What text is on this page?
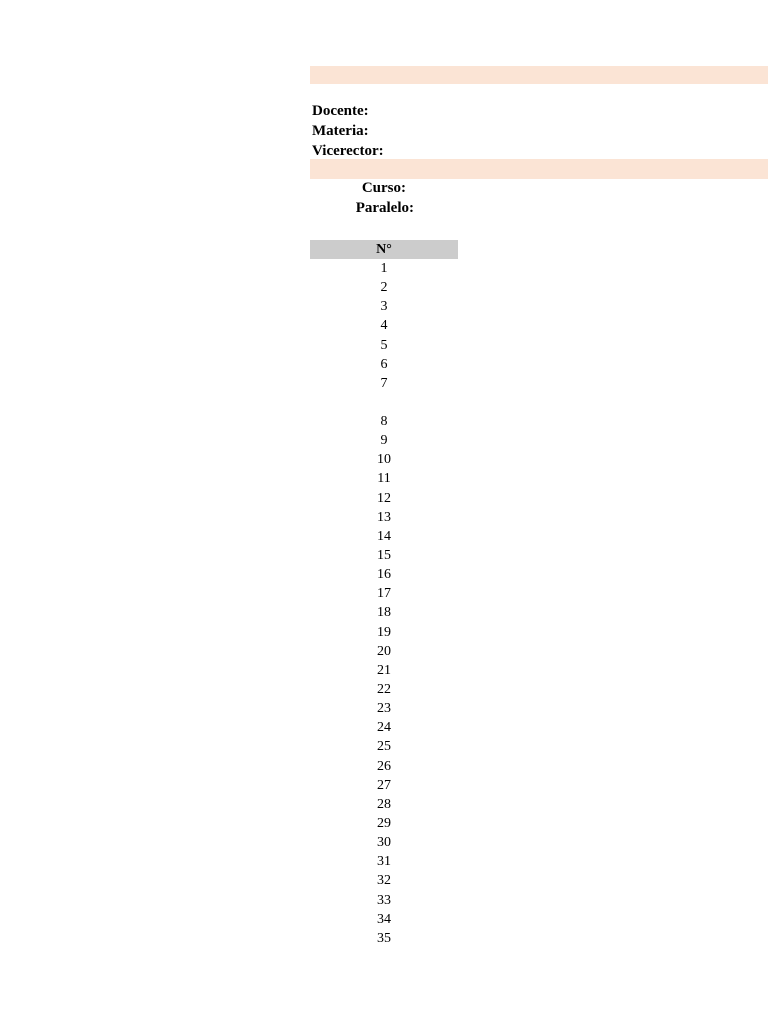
Docente:

Materia:

Vicerector:

Curso:
Paralelo:
N°
1
2
3
4
5
6
7
8
9
10
11
12
13
14
15
16
17
18
19
20
21
22
23
24
25
26
27
28
29
30
31
32
33
34
35
